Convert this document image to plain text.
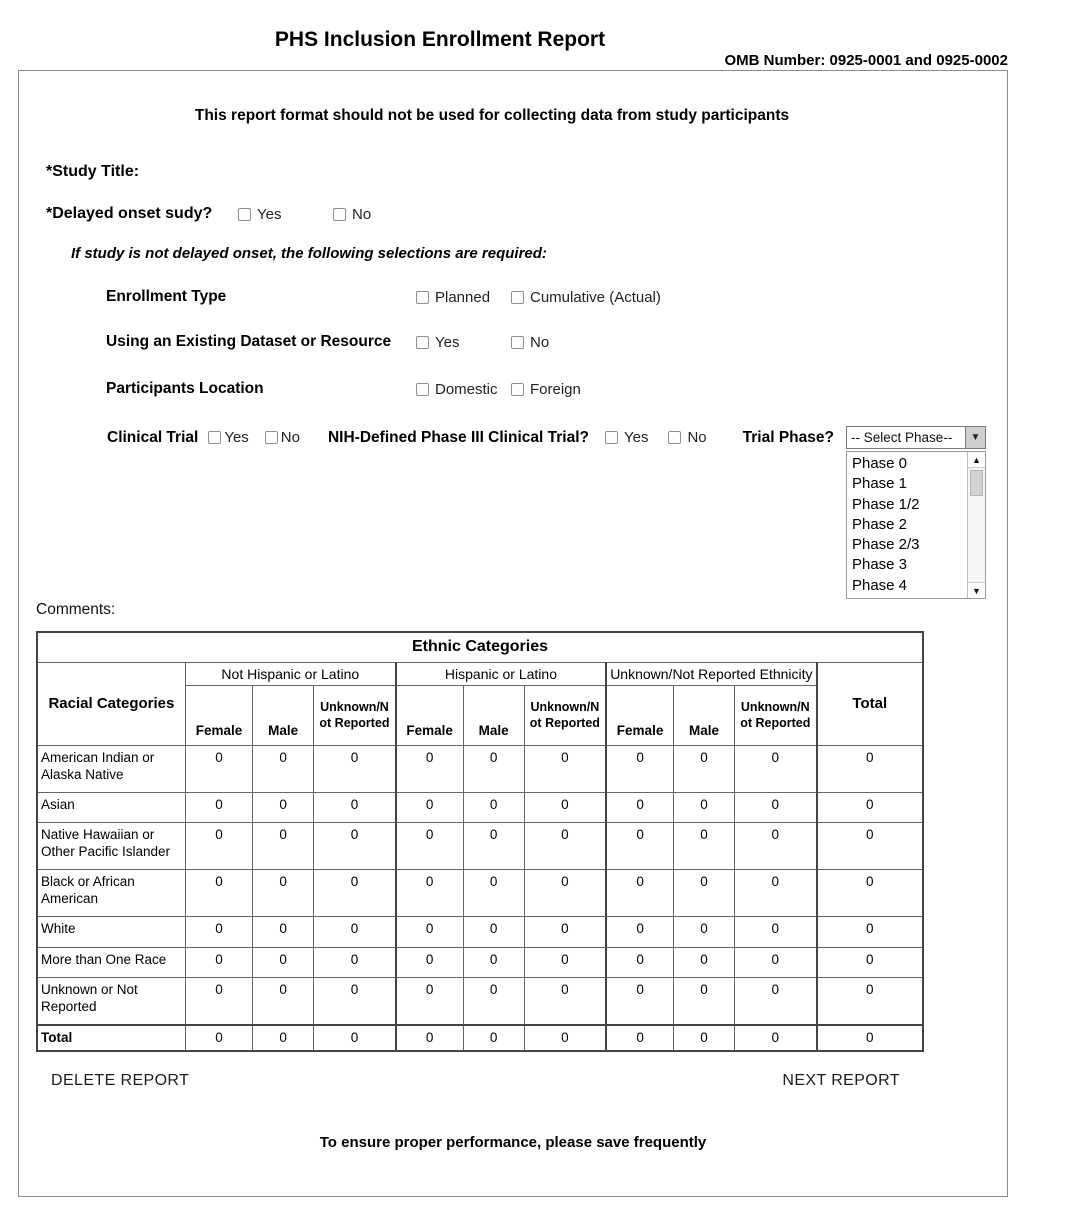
PHS Inclusion Enrollment Report
OMB Number: 0925-0001 and 0925-0002
This report format should not be used for collecting data from study participants
*Study Title:
*Delayed onset sudy?	Yes	No
If study is not delayed onset, the following selections are required:
Enrollment Type	Planned	Cumulative (Actual)
Using an Existing Dataset or Resource	Yes	No
Participants Location	Domestic Foreign
Clinical Trial Yes No NIH-Defined Phase III Clinical Trial? Yes	No Trial Phase? -- Select Phase--	▼
Phase 0
Phase 1
Phase 1/2
Phase 2
Phase 2/3
Phase 3
Phase 4
▲
▼
Comments:
Ethnic Categories										
Racial Categories	Not Hispanic or Latino			Hispanic or Latino			Unknown/Not Reported Ethnicity			Total
	Female	Male	Unknown/Not Reported	Female	Male	Unknown/Not Reported	Female	Male	Unknown/Not Reported	
American Indian or Alaska Native	0	0	0	0	0	0	0	0	0	0
Asian	0	0	0	0	0	0	0	0	0	0
Native Hawaiian or Other Pacific Islander	0	0	0	0	0	0	0	0	0	0
Black or African American	0	0	0	0	0	0	0	0	0	0
White	0	0	0	0	0	0	0	0	0	0
More than One Race	0	0	0	0	0	0	0	0	0	0
Unknown or Not Reported	0	0	0	0	0	0	0	0	0	0
Total	0	0	0	0	0	0	0	0	0	0
DELETE REPORT	NEXT REPORT
To ensure proper performance, please save frequently
